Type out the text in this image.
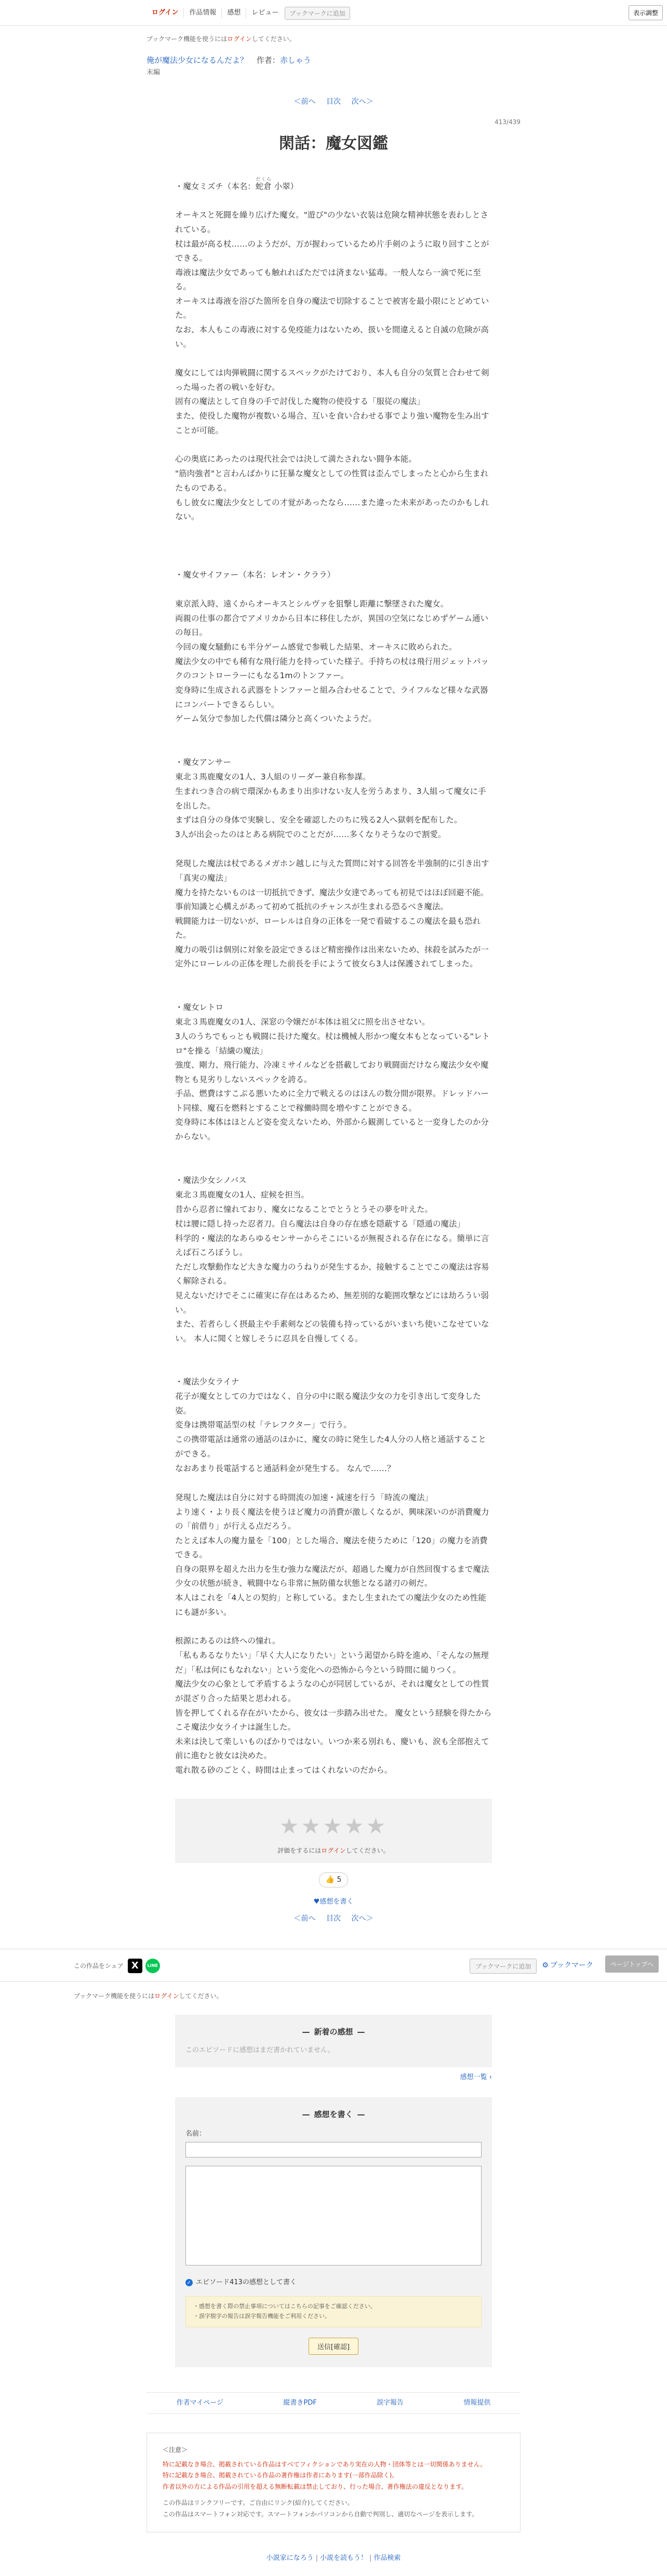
ログイン	作品情報	感想	レビュー	ブックマークに追加	表示調整
ブックマーク機能を使うにはログインしてください。
俺が魔法少女になるんだよ？ 作者：赤しゃう
末編
＜前へ 目次 次へ＞
413/439
閑話：魔女図鑑

・魔女ミズチ（本名：蛇倉だくら 小翠）

オーキスと死闘を繰り広げた魔女。"遊び"の少ない衣装は危険な精神状態を表わしとされている。

杖は最が高る杖……のようだが、万が握わっているため片手剣のように取り回すことができる。

毒液は魔法少女であっても触れればただでは済まない猛毒。一般人なら一滴で死に至る。

オーキスは毒液を浴びた箇所を自身の魔法で切除することで被害を最小限にとどめていた。

なお、本人もこの毒液に対する免疫能力はないため、扱いを間違えると自滅の危険が高い。

魔女にしては肉弾戦闘に関するスペックがたけており、本人も自分の気質と合わせて剣った場った者の戦いを好む。

固有の魔法として自身の手で討伐した魔物の使役する「服従の魔法」

また、使役した魔物が複数いる場合、互いを食い合わせる事でより強い魔物を生み出すことが可能。

心の奥底にあったのは現代社会では決して満たされない闘争本能。

"筋肉強者"と言わんばかりに狂暴な魔女としての性質は歪んでしまったと心から生まれたものである。

もし彼女に魔法少女としての才覚があったなら……また違った未来があったのかもしれない。

・魔女サイファー（本名：レオン・クララ）

東京派入時、遠くからオーキスとシルヴァを狙撃し距離に撃墜された魔女。

両親の仕事の都合でアメリカから日本に移住したが、異国の空気になじめずゲーム通いの毎日。

今回の魔女騒動にも半分ゲーム感覚で参戦した結果、オーキスに敗められた。

魔法少女の中でも稀有な飛行能力を持っていた様子。手持ちの杖は飛行用ジェットパックのコントローラーにもなる1mのトンファー。

変身時に生成される武器をトンファーと組み合わせることで、ライフルなど様々な武器にコンバートできるらしい。

ゲーム気分で参加した代償は隣分と高くついたようだ。

・魔女アンサー

東北３馬鹿魔女の1人、3人組のリーダー兼自称参謀。

生まれつき合の病で環深かもあまり出歩けない友人を労うあまり、3人組って魔女に手を出した。

まずは自分の身体で実験し、安全を確認したのちに残る2人へ獄刺を配布した。

3人が出会ったのはとある病院でのことだが……多くなりそうなので割愛。

発現した魔法は杖であるメガホン越しに与えた質問に対する回答を半強制的に引き出す「真実の魔法」

魔力を持たないものは一切抵抗できず、魔法少女達であっても初見ではほぼ回避不能。事前知識と心構えがあって初めて抵抗のチャンスが生まれる恐るべき魔法。

戦闘能力は一切ないが、ローレルは自身の正体を一発で看破するこの魔法を最も恐れた。

魔力の吸引は個別に対象を設定できるほど精密操作は出来ないため、抹殺を試みたが一定外にローレルの正体を理した前長を手にようて彼女ら3人は保護されてしまった。

・魔女レトロ

東北３馬鹿魔女の1人、深窓の令嬢だが本体は祖父に照を出させない。

3人のうちでもっとも戦闘に長けた魔女。杖は機械人形かつ魔女本もとなっている"レトロ"を操る「結繊の魔法」

強度、剛力、飛行能力、冷凍ミサイルなどを搭載しており戦闘面だけなら魔法少女や魔物とも見劣りしないスペックを誇る。

手品、燃費はすこぶる悪いために全力で戦えるのはほんの数分間が限界。ドレッドハート同様、魔石を燃料とすることで稼働時間を増やすことができる。

変身時に本体はほとんど姿を変えないため、外部から観測していると一変身したのか分からない。

・魔法少女シノバス

東北３馬鹿魔女の1人、症候を担当。

昔から忍者に憧れており、魔女になることでとうとうその夢を叶えた。

杖は腰に隠し持った忍者刀。自ら魔法は自身の存在感を隠蔽する「隠遁の魔法」

科学的・魔法的なあらゆるセンサーからそこにいるが無視される存在になる。簡単に言えば石ころぼうし。

ただし攻撃動作など大きな魔力のうねりが発生するか、接触することでこの魔法は容易く解除される。

見えないだけでそこに確実に存在はあるため、無差別的な範囲攻撃などには劫ろうい弱い。

また、若者らしく摂最主や手素剣などの装備も持っているがいまいち使いこなせていない。 本人に聞くと嫁しそうに忍具を自慢してくる。

・魔法少女ライナ

花子が魔女としての力ではなく、自分の中に眠る魔法少女の力を引き出して変身した姿。

変身は携帯電話型の杖「テレフクター」で行う。

この携帯電話は通常の通話のほかに、魔女の時に発生した4人分の人格と通話することができる。

なおあまり長電話すると通話料金が発生する。 なんで……？

発現した魔法は自分に対する時間流の加速・減速を行う「時流の魔法」

より速く・より長く魔法を使うほど魔力の消費が激しくなるが、興味深いのが消費魔力の「前借り」が行える点だろう。

たとえば本人の魔力量を「100」とした場合、魔法を使うために「120」の魔力を消費できる。

自身の限界を超えた出力を生む強力な魔法だが、超過した魔力が自然回復するまで魔法少女の状態が続き、戦闘中なら非常に無防備な状態となる諸刃の剣だ。

本人はこれを「4人との契約」と称している。またし生まれたての魔法少女のため性能にも謎が多い。

根源にあるのは終への憧れ。

「私もあるなりたい」「早く大人になりたい」という渇望から時を進め、「そんなの無理だ」「私は何にもなれない」という変化への恐怖から今という時間に縋りつく。

魔法少女の心象として矛盾するようなの心が同居しているが、それは魔女としての性質が混ざり合った結果と思われる。

皆を押してくれる存在がいたから、彼女は一歩踏み出せた。 魔女という経験を得たからこそ魔法少女ライナは誕生した。

未来は決して楽しいものばかりではない。いつか来る別れも、慶いも、涙も全部抱えて前に進むと彼女は決めた。

電れ散る砂のごとく、時間は止まってはくれないのだから。

★★★★★
評価をするにはログインしてください。
👍 5
♥感想を書く
＜前へ 目次 次へ＞
この作品をシェア X	LINE	ブックマークに追加	⚙ ブックマーク	ページトップへ
ブックマーク機能を使うにはログインしてください。
— 新着の感想 —
このエピソードに感想はまだ書かれていません。
感想一覧 ›
— 感想を書く —
名前：

✓ エピソード413の感想として書く
・感想を書く際の禁止事項についてはこちらの記事をご確認ください。
・誤字脱字の報告は誤字報告機能をご利用ください。
送信[確認]
作者マイページ	縦書きPDF	誤字報告	情報提供
＜注意＞
特に記載なき場合、掲載されている作品はすべてフィクションであり実在の人物・団体等とは一切関係ありません。
特に記載なき場合、掲載されている作品の著作権は作者にあります(一部作品除く)。
作者以外の方による作品の引用を超える無断転載は禁止しており、行った場合、著作権法の違反となります。
この作品はリンクフリーです。ご自由にリンク(紹介)してください。
この作品はスマートフォン対応です。スマートフォンかパソコンから自動で判別し、適切なページを表示します。
小説家になろう | 小説を読もう！ | 作品検索
